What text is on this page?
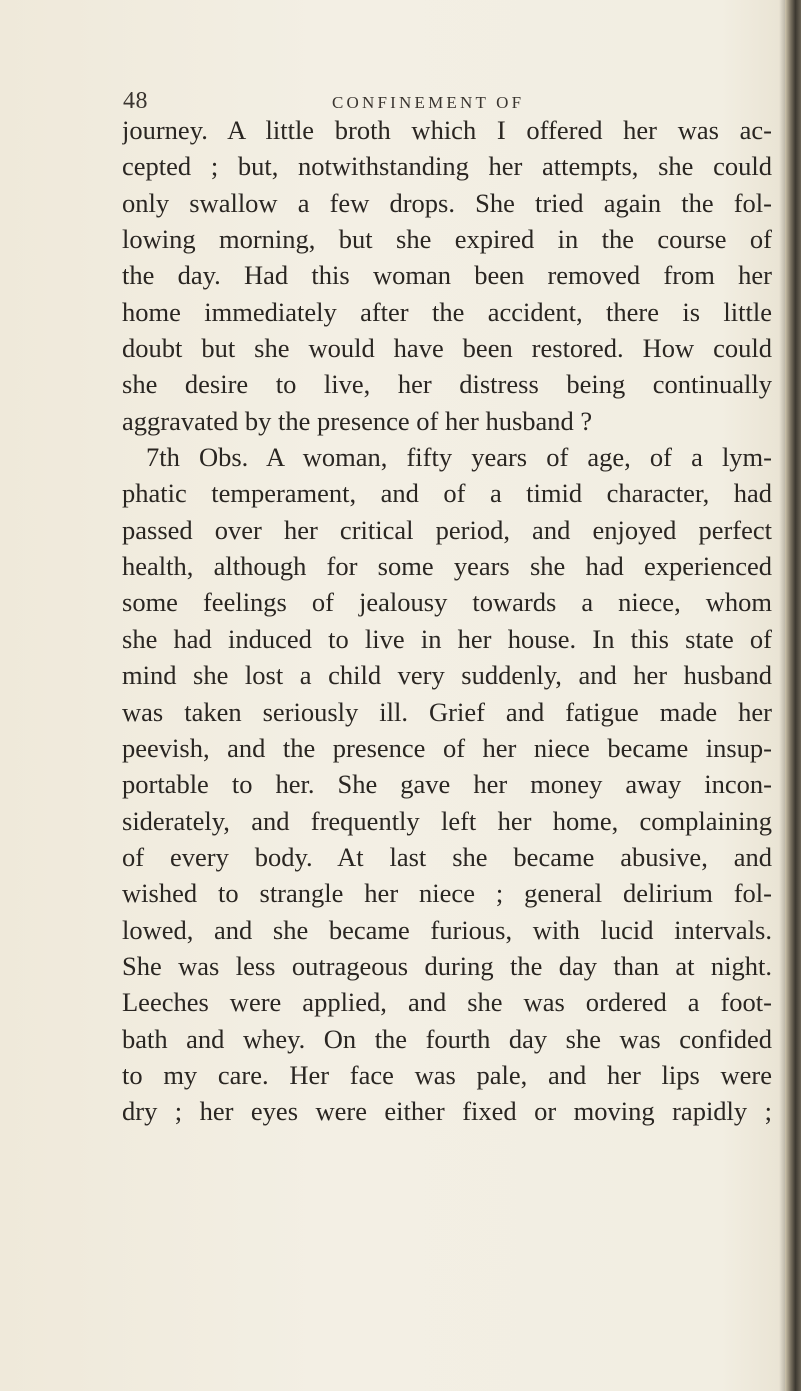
48	CONFINEMENT OF
journey. A little broth which I offered her was ac-
cepted ; but, notwithstanding her attempts, she could
only swallow a few drops. She tried again the fol-
lowing morning, but she expired in the course of
the day. Had this woman been removed from her
home immediately after the accident, there is little
doubt but she would have been restored. How could
she desire to live, her distress being continually
aggravated by the presence of her husband ?
7th Obs. A woman, fifty years of age, of a lym-
phatic temperament, and of a timid character, had
passed over her critical period, and enjoyed perfect
health, although for some years she had experienced
some feelings of jealousy towards a niece, whom
she had induced to live in her house. In this state of
mind she lost a child very suddenly, and her husband
was taken seriously ill. Grief and fatigue made her
peevish, and the presence of her niece became insup-
portable to her. She gave her money away incon-
siderately, and frequently left her home, complaining
of every body. At last she became abusive, and
wished to strangle her niece ; general delirium fol-
lowed, and she became furious, with lucid intervals.
She was less outrageous during the day than at night.
Leeches were applied, and she was ordered a foot-
bath and whey. On the fourth day she was confided
to my care. Her face was pale, and her lips were
dry ; her eyes were either fixed or moving rapidly ;
